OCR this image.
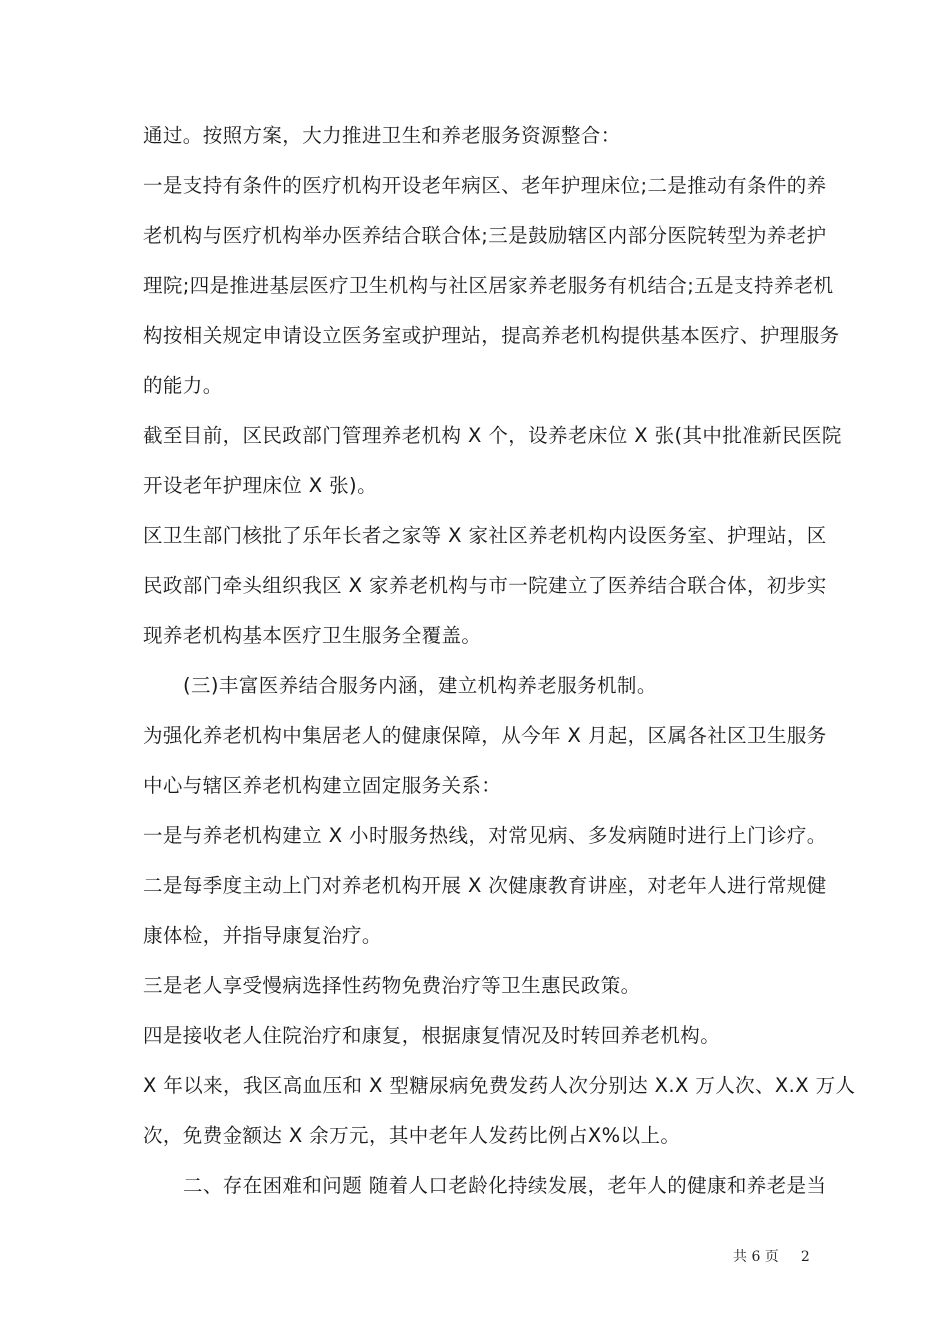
通过。按照方案，大力推进卫生和养老服务资源整合：
一是支持有条件的医疗机构开设老年病区、老年护理床位;二是推动有条件的养
老机构与医疗机构举办医养结合联合体;三是鼓励辖区内部分医院转型为养老护
理院;四是推进基层医疗卫生机构与社区居家养老服务有机结合;五是支持养老机
构按相关规定申请设立医务室或护理站，提高养老机构提供基本医疗、护理服务
的能力。
截至目前，区民政部门管理养老机构 X 个，设养老床位 X 张(其中批准新民医院
开设老年护理床位 X 张)。
区卫生部门核批了乐年长者之家等 X 家社区养老机构内设医务室、护理站，区
民政部门牵头组织我区 X 家养老机构与市一院建立了医养结合联合体，初步实
现养老机构基本医疗卫生服务全覆盖。
(三)丰富医养结合服务内涵，建立机构养老服务机制。
为强化养老机构中集居老人的健康保障，从今年 X 月起，区属各社区卫生服务
中心与辖区养老机构建立固定服务关系：
一是与养老机构建立 X 小时服务热线，对常见病、多发病随时进行上门诊疗。
二是每季度主动上门对养老机构开展 X 次健康教育讲座，对老年人进行常规健
康体检，并指导康复治疗。
三是老人享受慢病选择性药物免费治疗等卫生惠民政策。
四是接收老人住院治疗和康复，根据康复情况及时转回养老机构。
X 年以来，我区高血压和 X 型糖尿病免费发药人次分别达 X.X 万人次、X.X 万人
次，免费金额达 X 余万元，其中老年人发药比例占X%以上。
二、存在困难和问题 随着人口老龄化持续发展，老年人的健康和养老是当
共 6 页 2
